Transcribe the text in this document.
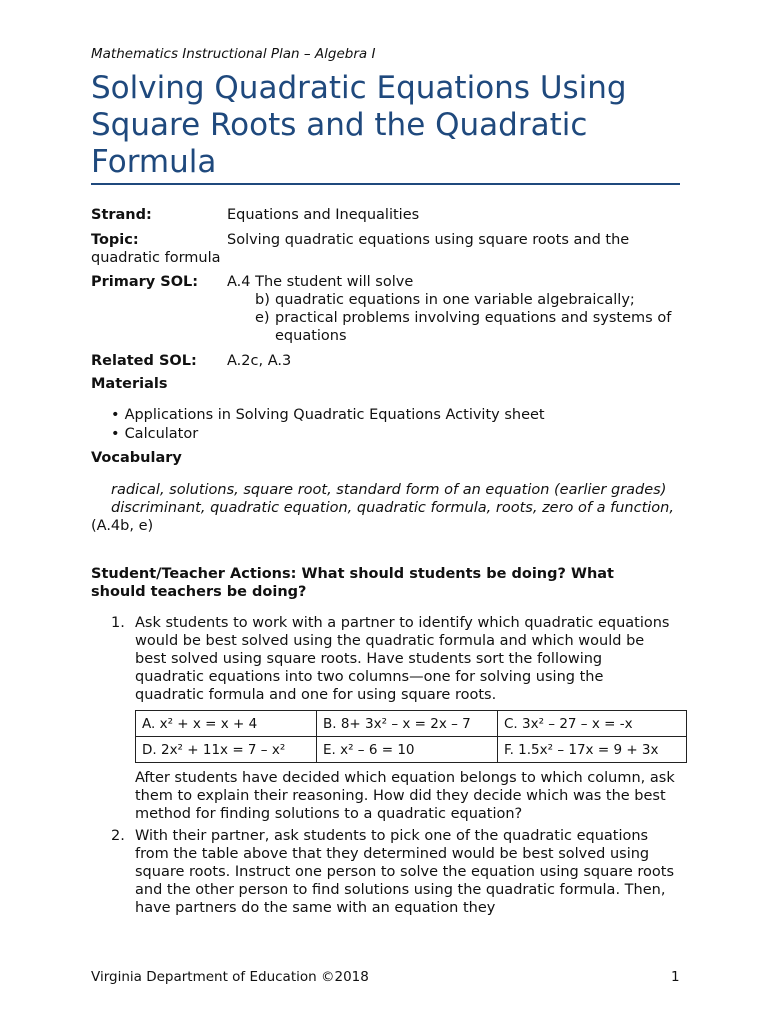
Mathematics Instructional Plan – Algebra I
Solving Quadratic Equations Using Square Roots and the Quadratic Formula
Strand:	Equations and Inequalities
Topic:	Solving quadratic equations using square roots and the
quadratic formula
Primary SOL: A.4 The student will solve
b) quadratic equations in one variable algebraically;
e) practical problems involving equations and systems of equations
Related SOL: A.2c, A.3
Materials
• Applications in Solving Quadratic Equations Activity sheet
• Calculator
Vocabulary
radical, solutions, square root, standard form of an equation (earlier grades)
discriminant, quadratic equation, quadratic formula, roots, zero of a function, (A.4b, e)
Student/Teacher Actions: What should students be doing? What should teachers be doing?
1. Ask students to work with a partner to identify which quadratic equations would be best solved using the quadratic formula and which would be best solved using square roots. Have students sort the following quadratic equations into two columns—one for solving using the quadratic formula and one for using square roots.
A. x² + x = x + 4	B. 8+ 3x² – x = 2x – 7	C. 3x² – 27 – x = -x
D. 2x² + 11x = 7 – x²	E. x² – 6 = 10	F. 1.5x² – 17x = 9 + 3x
After students have decided which equation belongs to which column, ask them to explain their reasoning. How did they decide which was the best method for finding solutions to a quadratic equation?
2. With their partner, ask students to pick one of the quadratic equations from the table above that they determined would be best solved using square roots. Instruct one person to solve the equation using square roots and the other person to find solutions using the quadratic formula. Then, have partners do the same with an equation they
Virginia Department of Education ©2018	1
